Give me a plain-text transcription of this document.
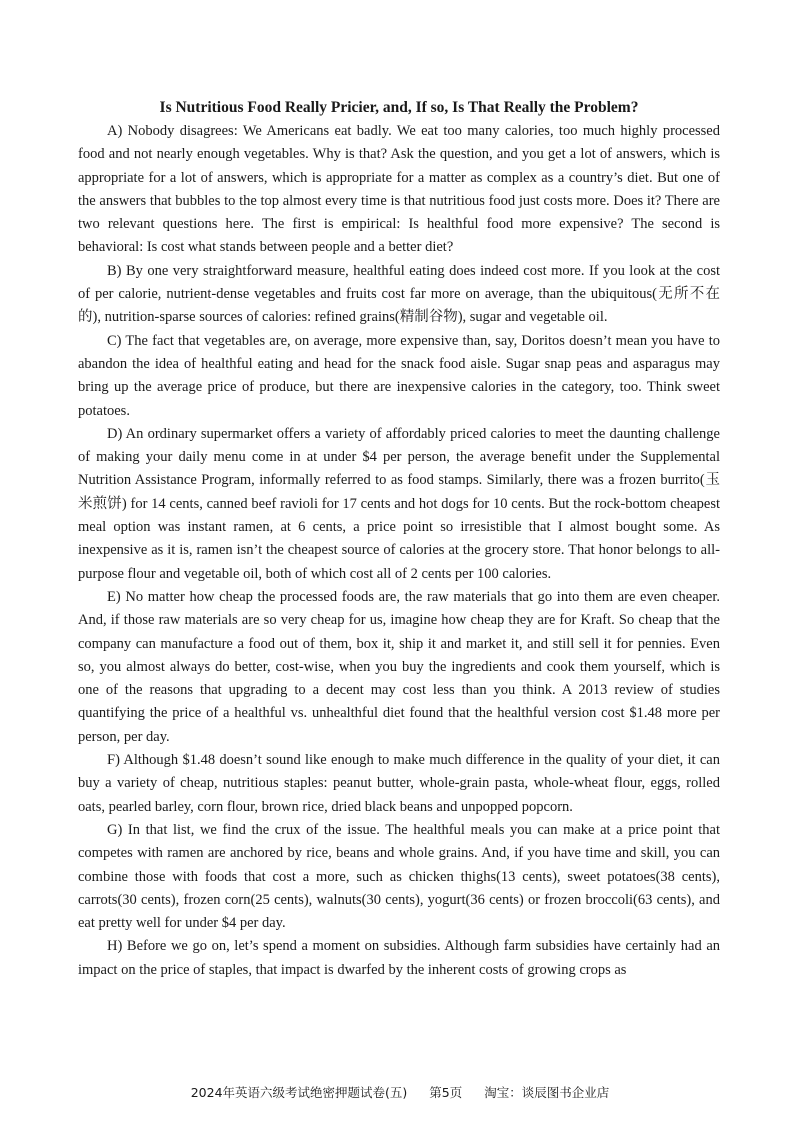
Is Nutritious Food Really Pricier, and, If so, Is That Really the Problem?

A) Nobody disagrees: We Americans eat badly. We eat too many calories, too much highly processed food and not nearly enough vegetables. Why is that? Ask the question, and you get a lot of answers, which is appropriate for a lot of answers, which is appropriate for a matter as complex as a country’s diet. But one of the answers that bubbles to the top almost every time is that nutritious food just costs more. Does it? There are two relevant questions here. The first is empirical: Is healthful food more expensive? The second is behavioral: Is cost what stands between people and a better diet?

B) By one very straightforward measure, healthful eating does indeed cost more. If you look at the cost of per calorie, nutrient-dense vegetables and fruits cost far more on average, than the ubiquitous(无所不在的), nutrition-sparse sources of calories: refined grains(精制谷物), sugar and vegetable oil.

C) The fact that vegetables are, on average, more expensive than, say, Doritos doesn’t mean you have to abandon the idea of healthful eating and head for the snack food aisle. Sugar snap peas and asparagus may bring up the average price of produce, but there are inexpensive calories in the category, too. Think sweet potatoes.

D) An ordinary supermarket offers a variety of affordably priced calories to meet the daunting challenge of making your daily menu come in at under $4 per person, the average benefit under the Supplemental Nutrition Assistance Program, informally referred to as food stamps. Similarly, there was a frozen burrito(玉米煎饼) for 14 cents, canned beef ravioli for 17 cents and hot dogs for 10 cents. But the rock-bottom cheapest meal option was instant ramen, at 6 cents, a price point so irresistible that I almost bought some. As inexpensive as it is, ramen isn’t the cheapest source of calories at the grocery store. That honor belongs to all-purpose flour and vegetable oil, both of which cost all of 2 cents per 100 calories.

E) No matter how cheap the processed foods are, the raw materials that go into them are even cheaper. And, if those raw materials are so very cheap for us, imagine how cheap they are for Kraft. So cheap that the company can manufacture a food out of them, box it, ship it and market it, and still sell it for pennies. Even so, you almost always do better, cost-wise, when you buy the ingredients and cook them yourself, which is one of the reasons that upgrading to a decent may cost less than you think. A 2013 review of studies quantifying the price of a healthful vs. unhealthful diet found that the healthful version cost $1.48 more per person, per day.

F) Although $1.48 doesn’t sound like enough to make much difference in the quality of your diet, it can buy a variety of cheap, nutritious staples: peanut butter, whole-grain pasta, whole-wheat flour, eggs, rolled oats, pearled barley, corn flour, brown rice, dried black beans and unpopped popcorn.

G) In that list, we find the crux of the issue. The healthful meals you can make at a price point that competes with ramen are anchored by rice, beans and whole grains. And, if you have time and skill, you can combine those with foods that cost a more, such as chicken thighs(13 cents), sweet potatoes(38 cents), carrots(30 cents), frozen corn(25 cents), walnuts(30 cents), yogurt(36 cents) or frozen broccoli(63 cents), and eat pretty well for under $4 per day.

H) Before we go on, let’s spend a moment on subsidies. Although farm subsidies have certainly had an impact on the price of staples, that impact is dwarfed by the inherent costs of growing crops as

2024年英语六级考试绝密押题试卷(五) 第5页 淘宝：谈辰图书企业店
